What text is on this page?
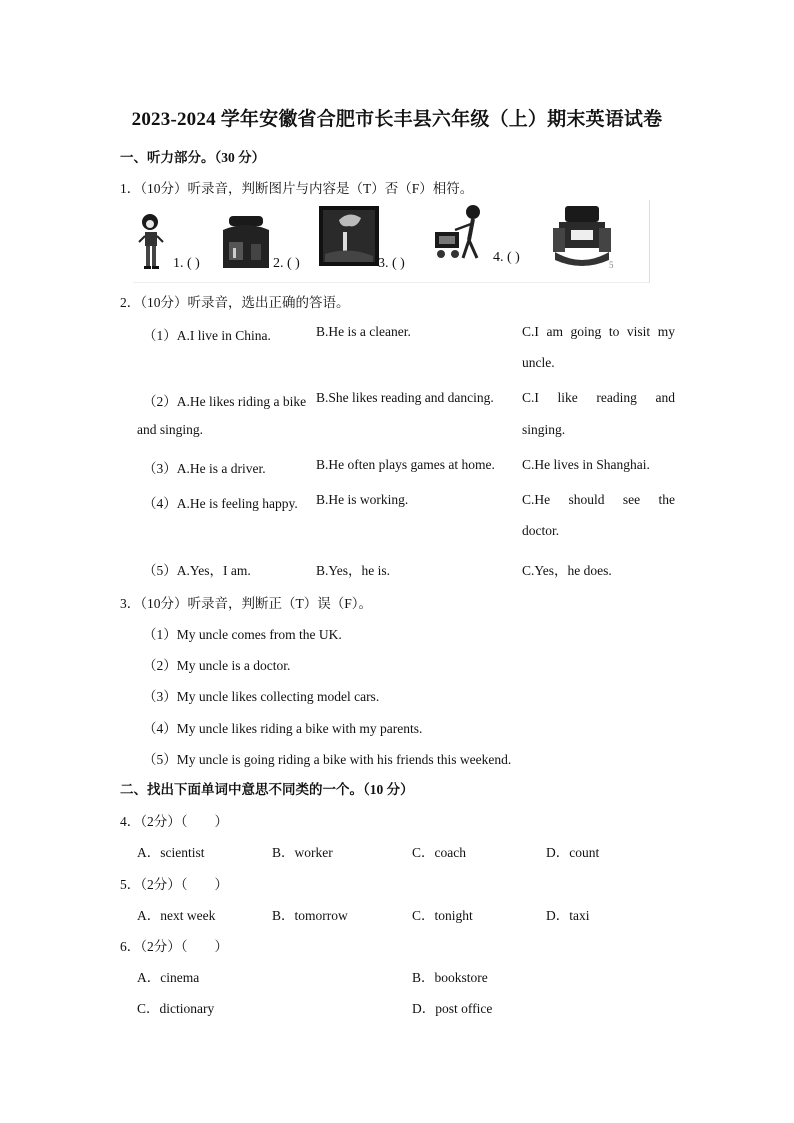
2023-2024 学年安徽省合肥市长丰县六年级（上）期末英语试卷
一、听力部分。（30 分）
1．（10分）听录音，判断图片与内容是（T）否（F）相符。
1. ( )	2. ( )	3. ( )	4. ( )	5
2．（10分）听录音，选出正确的答语。
（1）A.I live in China.	B.He is a cleaner.	C.I am going to visit my
uncle.
（2）A.He likes riding a bike
and singing.
B.She likes reading and dancing. C.I like reading and
singing.
（3）A.He is a driver.	B.He often plays games at home. C.He lives in Shanghai.
（4）A.He is feeling happy. B.He is working.	C.He should see the
doctor.
（5）A.Yes，I am.	B.Yes，he is.	C.Yes，he does.
3．（10分）听录音，判断正（T）误（F）。
（1）My uncle comes from the UK.
（2）My uncle is a doctor.
（3）My uncle likes collecting model cars.
（4）My uncle likes riding a bike with my parents.
（5）My uncle is going riding a bike with his friends this weekend.
二、找出下面单词中意思不同类的一个。（10 分）
4．（2分）（　　）
A．scientist	B．worker	C．coach	D．count
5．（2分）（　　）
A．next week	B．tomorrow	C．tonight	D．taxi
6．（2分）（　　）
A．cinema	B．bookstore
C．dictionary	D．post office
